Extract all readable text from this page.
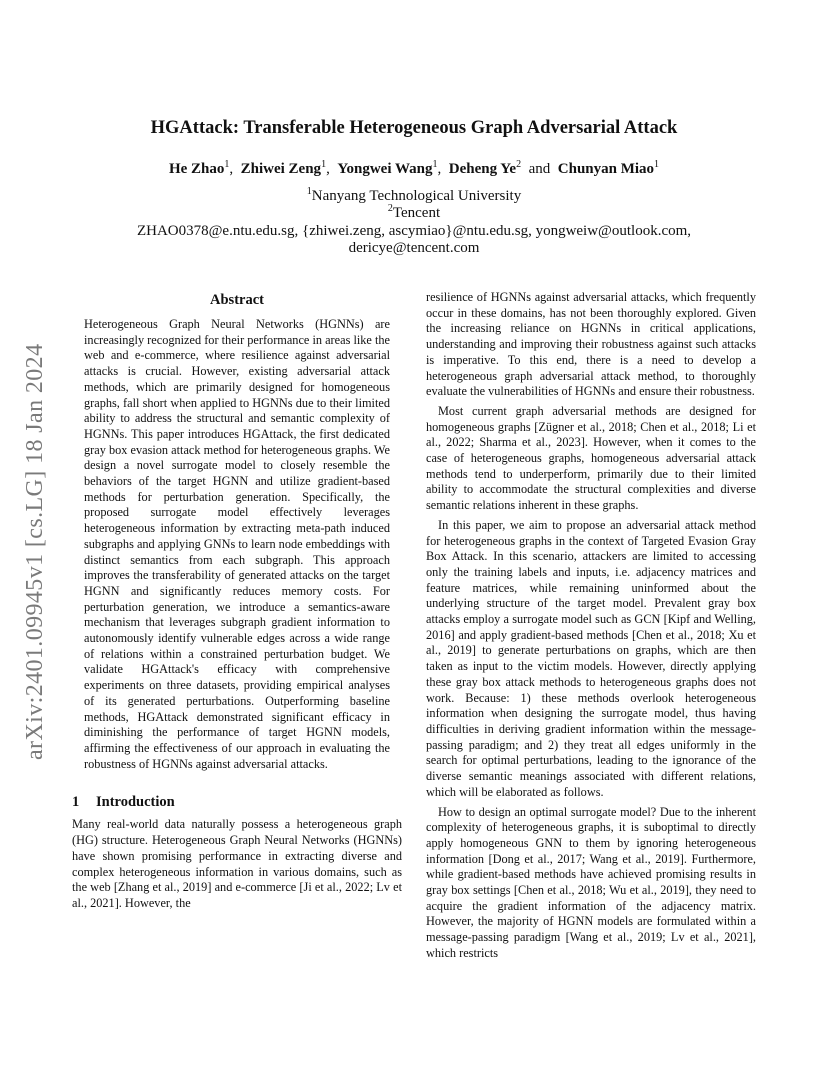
arXiv:2401.09945v1 [cs.LG] 18 Jan 2024
HGAttack: Transferable Heterogeneous Graph Adversarial Attack
He Zhao$^1$,  Zhiwei Zeng$^1$,  Yongwei Wang$^1$,  Deheng Ye$^2$ and Chunyan Miao$^1$
$^1$Nanyang Technological University
$^2$Tencent
ZHAO0378@e.ntu.edu.sg, {zhiwei.zeng, ascymiao}@ntu.edu.sg, yongweiw@outlook.com,
dericye@tencent.com
Abstract
Heterogeneous Graph Neural Networks (HGNNs) are increasingly recognized for their performance in areas like the web and e-commerce, where resilience against adversarial attacks is crucial. However, existing adversarial attack methods, which are primarily designed for homogeneous graphs, fall short when applied to HGNNs due to their limited ability to address the structural and semantic complexity of HGNNs. This paper introduces HGAttack, the first dedicated gray box evasion attack method for heterogeneous graphs. We design a novel surrogate model to closely resemble the behaviors of the target HGNN and utilize gradient-based methods for perturbation generation. Specifically, the proposed surrogate model effectively leverages heterogeneous information by extracting meta-path induced subgraphs and applying GNNs to learn node embeddings with distinct semantics from each subgraph. This approach improves the transferability of generated attacks on the target HGNN and significantly reduces memory costs. For perturbation generation, we introduce a semantics-aware mechanism that leverages subgraph gradient information to autonomously identify vulnerable edges across a wide range of relations within a constrained perturbation budget. We validate HGAttack's efficacy with comprehensive experiments on three datasets, providing empirical analyses of its generated perturbations. Outperforming baseline methods, HGAttack demonstrated significant efficacy in diminishing the performance of target HGNN models, affirming the effectiveness of our approach in evaluating the robustness of HGNNs against adversarial attacks.
1 Introduction

Many real-world data naturally possess a heterogeneous graph (HG) structure. Heterogeneous Graph Neural Networks (HGNNs) have shown promising performance in extracting diverse and complex heterogeneous information in various domains, such as the web [Zhang et al., 2019] and e-commerce [Ji et al., 2022; Lv et al., 2021]. However, the

resilience of HGNNs against adversarial attacks, which frequently occur in these domains, has not been thoroughly explored. Given the increasing reliance on HGNNs in critical applications, understanding and improving their robustness against such attacks is imperative. To this end, there is a need to develop a heterogeneous graph adversarial attack method, to thoroughly evaluate the vulnerabilities of HGNNs and ensure their robustness.

Most current graph adversarial methods are designed for homogeneous graphs [Zügner et al., 2018; Chen et al., 2018; Li et al., 2022; Sharma et al., 2023]. However, when it comes to the case of heterogeneous graphs, homogeneous adversarial attack methods tend to underperform, primarily due to their limited ability to accommodate the structural complexities and diverse semantic relations inherent in these graphs.

In this paper, we aim to propose an adversarial attack method for heterogeneous graphs in the context of Targeted Evasion Gray Box Attack. In this scenario, attackers are limited to accessing only the training labels and inputs, i.e. adjacency matrices and feature matrices, while remaining uninformed about the underlying structure of the target model. Prevalent gray box attacks employ a surrogate model such as GCN [Kipf and Welling, 2016] and apply gradient-based methods [Chen et al., 2018; Xu et al., 2019] to generate perturbations on graphs, which are then taken as input to the victim models. However, directly applying these gray box attack methods to heterogeneous graphs does not work. Because: 1) these methods overlook heterogeneous information when designing the surrogate model, thus having difficulties in deriving gradient information within the message-passing paradigm; and 2) they treat all edges uniformly in the search for optimal perturbations, leading to the ignorance of the diverse semantic meanings associated with different relations, which will be elaborated as follows.

How to design an optimal surrogate model? Due to the inherent complexity of heterogeneous graphs, it is suboptimal to directly apply homogeneous GNN to them by ignoring heterogeneous information [Dong et al., 2017; Wang et al., 2019]. Furthermore, while gradient-based methods have achieved promising results in gray box settings [Chen et al., 2018; Wu et al., 2019], they need to acquire the gradient information of the adjacency matrix. However, the majority of HGNN models are formulated within a message-passing paradigm [Wang et al., 2019; Lv et al., 2021], which restricts
